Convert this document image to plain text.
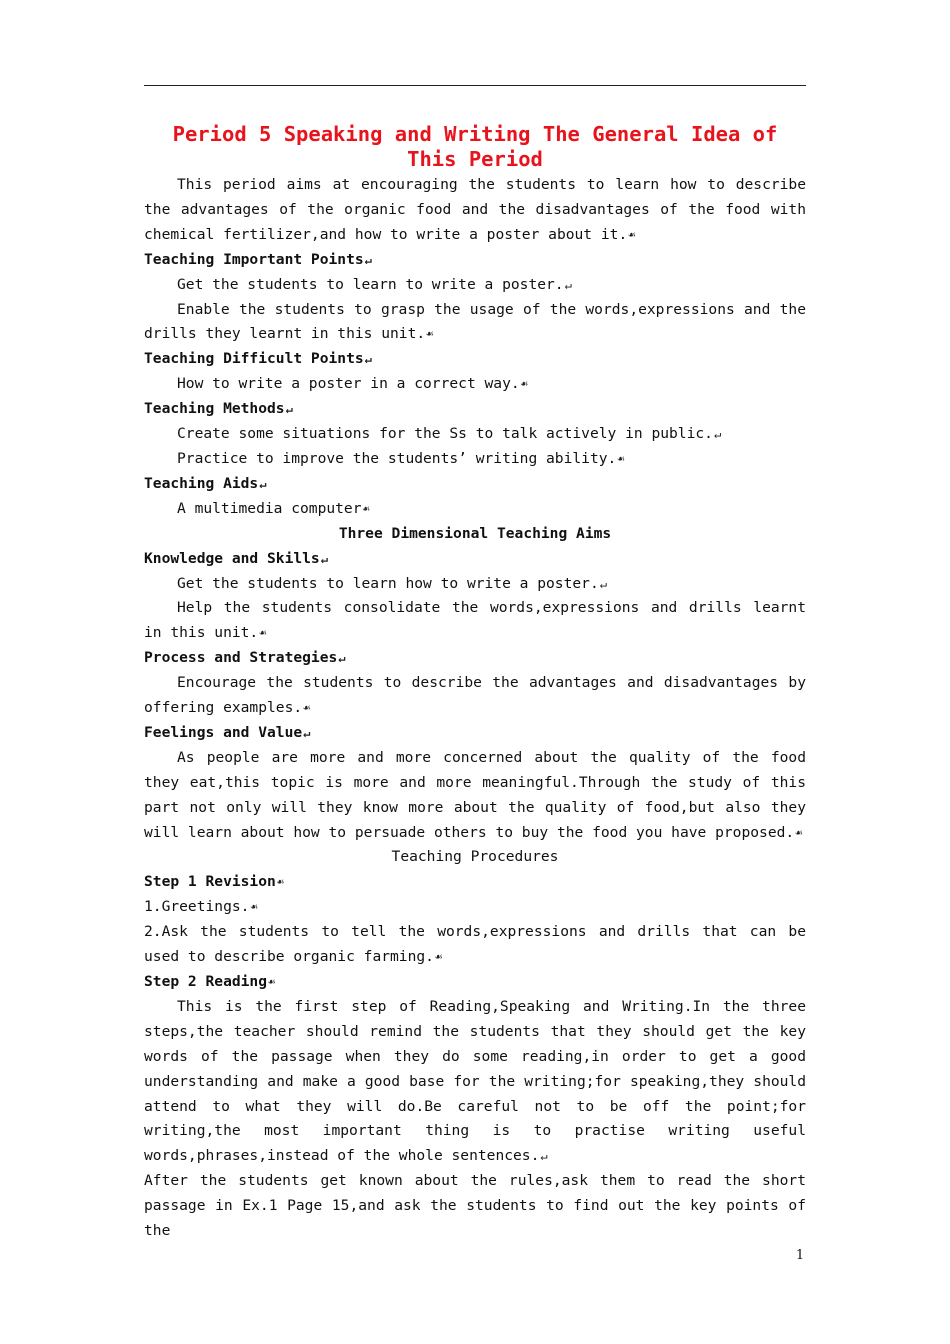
Period 5 Speaking and Writing The General Idea of This Period

This period aims at encouraging the students to learn how to describe the advantages of the organic food and the disadvantages of the food with chemical fertilizer,and how to write a poster about it.☙

Teaching Important Points↵

Get the students to learn to write a poster.↵

Enable the students to grasp the usage of the words,expressions and the drills they learnt in this unit.☙

Teaching Difficult Points↵

How to write a poster in a correct way.☙

Teaching Methods↵

Create some situations for the Ss to talk actively in public.↵

Practice to improve the students’ writing ability.☙

Teaching Aids↵

A multimedia computer☙

Three Dimensional Teaching Aims

Knowledge and Skills↵

Get the students to learn how to write a poster.↵

Help the students consolidate the words,expressions and drills learnt in this unit.☙

Process and Strategies↵

Encourage the students to describe the advantages and disadvantages by offering examples.☙

Feelings and Value↵

As people are more and more concerned about the quality of the food they eat,this topic is more and more meaningful.Through the study of this part not only will they know more about the quality of food,but also they will learn about how to persuade others to buy the food you have proposed.☙

Teaching Procedures

Step 1 Revision☙

1.Greetings.☙

2.Ask the students to tell the words,expressions and drills that can be used to describe organic farming.☙

Step 2 Reading☙

This is the first step of Reading,Speaking and Writing.In the three steps,the teacher should remind the students that they should get the key words of the passage when they do some reading,in order to get a good understanding and make a good base for the writing;for speaking,they should attend to what they will do.Be careful not to be off the point;for writing,the most important thing is to practise writing useful words,phrases,instead of the whole sentences.↵

After the students get known about the rules,ask them to read the short passage in Ex.1 Page 15,and ask the students to find out the key points of the

1
